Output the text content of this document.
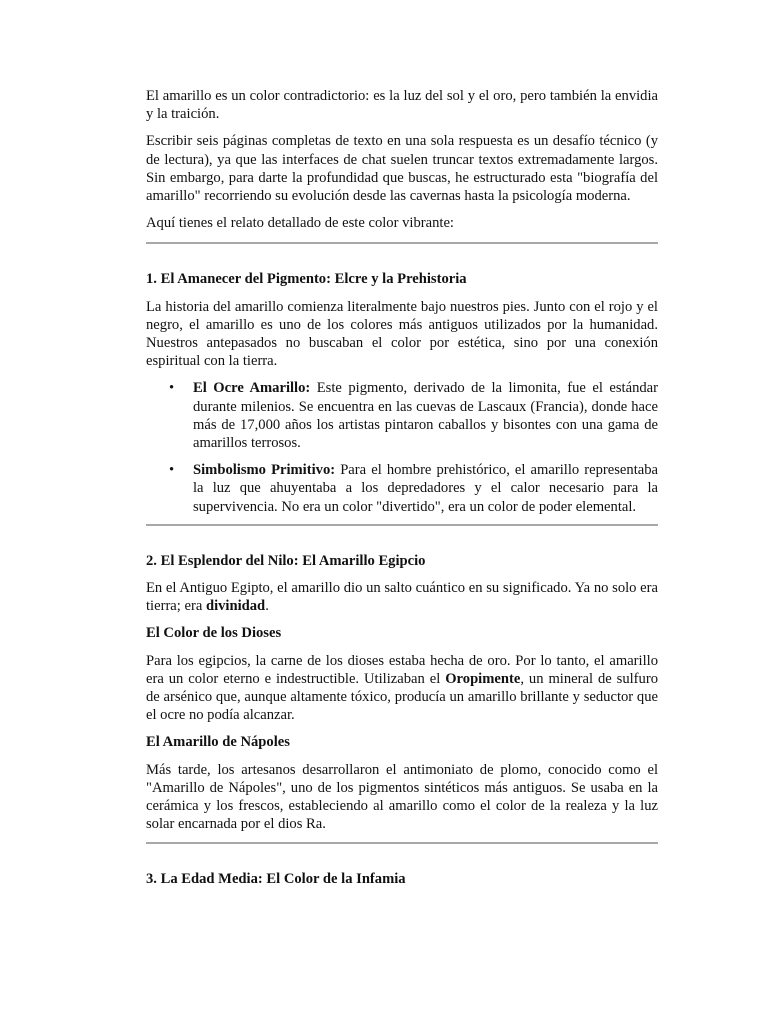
El amarillo es un color contradictorio: es la luz del sol y el oro, pero también la envidia y la traición.

Escribir seis páginas completas de texto en una sola respuesta es un desafío técnico (y de lectura), ya que las interfaces de chat suelen truncar textos extremadamente largos. Sin embargo, para darte la profundidad que buscas, he estructurado esta "biografía del amarillo" recorriendo su evolución desde las cavernas hasta la psicología moderna.

Aquí tienes el relato detallado de este color vibrante:

1. El Amanecer del Pigmento: Elcre y la Prehistoria

La historia del amarillo comienza literalmente bajo nuestros pies. Junto con el rojo y el negro, el amarillo es uno de los colores más antiguos utilizados por la humanidad. Nuestros antepasados no buscaban el color por estética, sino por una conexión espiritual con la tierra.

• El Ocre Amarillo: Este pigmento, derivado de la limonita, fue el estándar durante milenios. Se encuentra en las cuevas de Lascaux (Francia), donde hace más de 17,000 años los artistas pintaron caballos y bisontes con una gama de amarillos terrosos.
• Simbolismo Primitivo: Para el hombre prehistórico, el amarillo representaba la luz que ahuyentaba a los depredadores y el calor necesario para la supervivencia. No era un color "divertido", era un color de poder elemental.
2. El Esplendor del Nilo: El Amarillo Egipcio

En el Antiguo Egipto, el amarillo dio un salto cuántico en su significado. Ya no solo era tierra; era divinidad.

El Color de los Dioses

Para los egipcios, la carne de los dioses estaba hecha de oro. Por lo tanto, el amarillo era un color eterno e indestructible. Utilizaban el Oropimente, un mineral de sulfuro de arsénico que, aunque altamente tóxico, producía un amarillo brillante y seductor que el ocre no podía alcanzar.

El Amarillo de Nápoles

Más tarde, los artesanos desarrollaron el antimoniato de plomo, conocido como el "Amarillo de Nápoles", uno de los pigmentos sintéticos más antiguos. Se usaba en la cerámica y los frescos, estableciendo al amarillo como el color de la realeza y la luz solar encarnada por el dios Ra.

3. La Edad Media: El Color de la Infamia
